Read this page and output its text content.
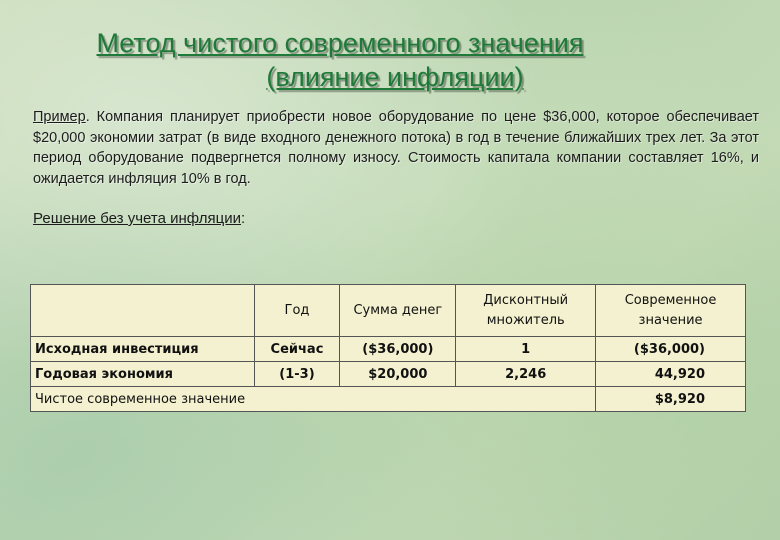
Метод чистого современного значения
(влияние инфляции)
Пример. Компания планирует приобрести новое оборудование по цене $36,000, которое обеспечивает $20,000 экономии затрат (в виде входного денежного потока) в год в течение ближайших трех лет. За этот период оборудование подвергнется полному износу. Стоимость капитала компании составляет 16%, и ожидается инфляция 10% в год.
Решение без учета инфляции:
	Год	Сумма денег	Дисконтный множитель	Современное значение
Исходная инвестиция	Сейчас	($36,000)	1	($36,000)
Годовая экономия	(1-3)	$20,000	2,246	44,920
Чистое современное значение				$8,920
